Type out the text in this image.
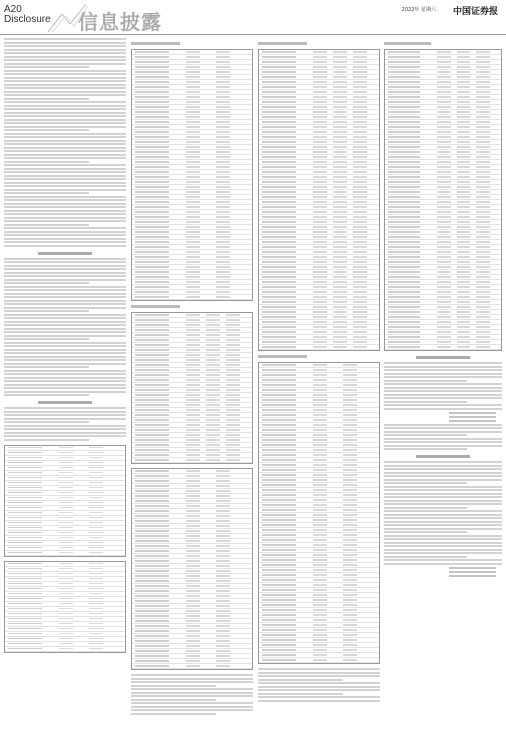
A20
Disclosure 信息披露	2022年 星期六 中国证券报
